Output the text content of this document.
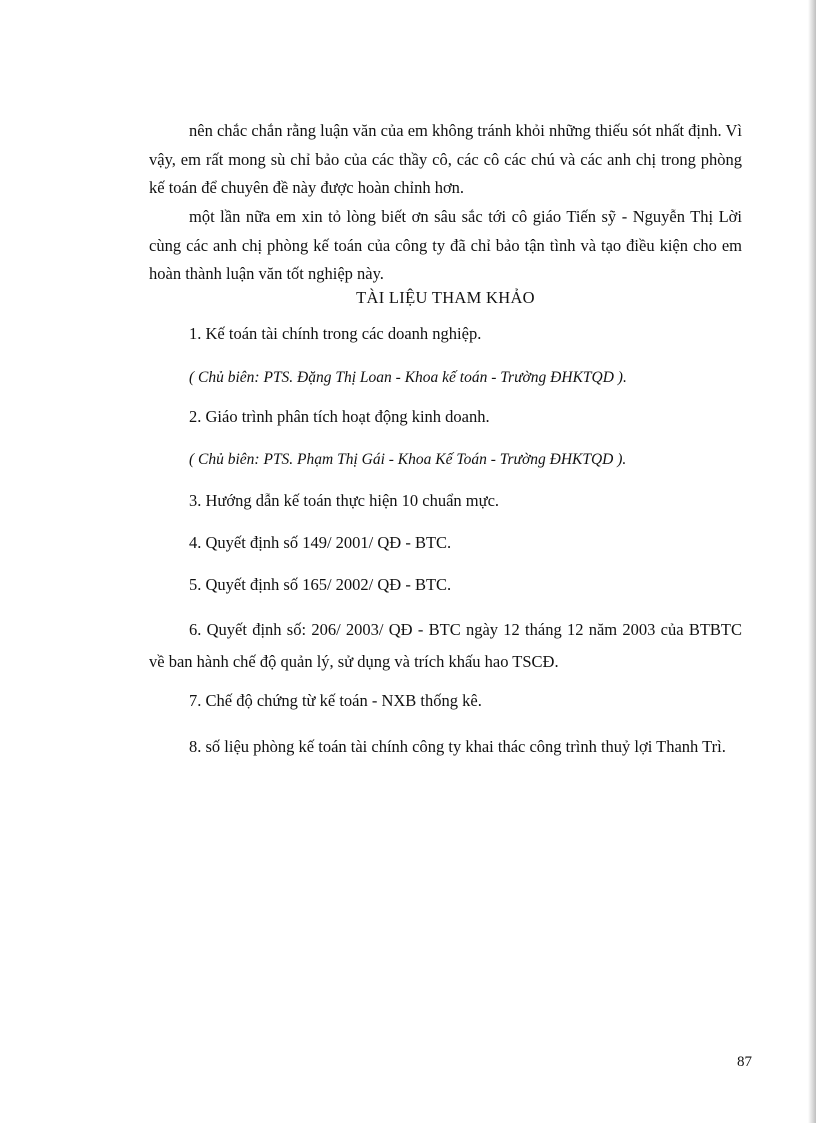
nên chắc chắn rằng luận văn của em không tránh khỏi những thiếu sót nhất định. Vì vậy, em rất mong sù chỉ bảo của các thầy cô, các cô các chú và các anh chị trong phòng kế toán để chuyên đề này được hoàn chỉnh hơn.

một lần nữa em xin tỏ lòng biết ơn sâu sắc tới cô giáo Tiến sỹ - Nguyễn Thị Lời cùng các anh chị phòng kế toán của công ty đã chỉ bảo tận tình và tạo điều kiện cho em hoàn thành luận văn tốt nghiệp này.

TÀI LIỆU THAM KHẢO
1. Kế toán tài chính trong các doanh nghiệp.
( Chủ biên: PTS. Đặng Thị Loan - Khoa kế toán - Trường ĐHKTQD ).
2. Giáo trình phân tích hoạt động kinh doanh.
( Chủ biên: PTS. Phạm Thị Gái - Khoa Kế Toán - Trường ĐHKTQD ).
3. Hướng dẫn kế toán thực hiện 10 chuẩn mực.
4. Quyết định số 149/ 2001/ QĐ - BTC.
5. Quyết định số 165/ 2002/ QĐ - BTC.
6. Quyết định số: 206/ 2003/ QĐ - BTC ngày 12 tháng 12 năm 2003 của BTBTC về ban hành chế độ quản lý, sử dụng và trích khấu hao TSCĐ.
7. Chế độ chứng từ kế toán - NXB thống kê.
8. số liệu phòng kế toán tài chính công ty khai thác công trình thuỷ lợi Thanh Trì.
87
